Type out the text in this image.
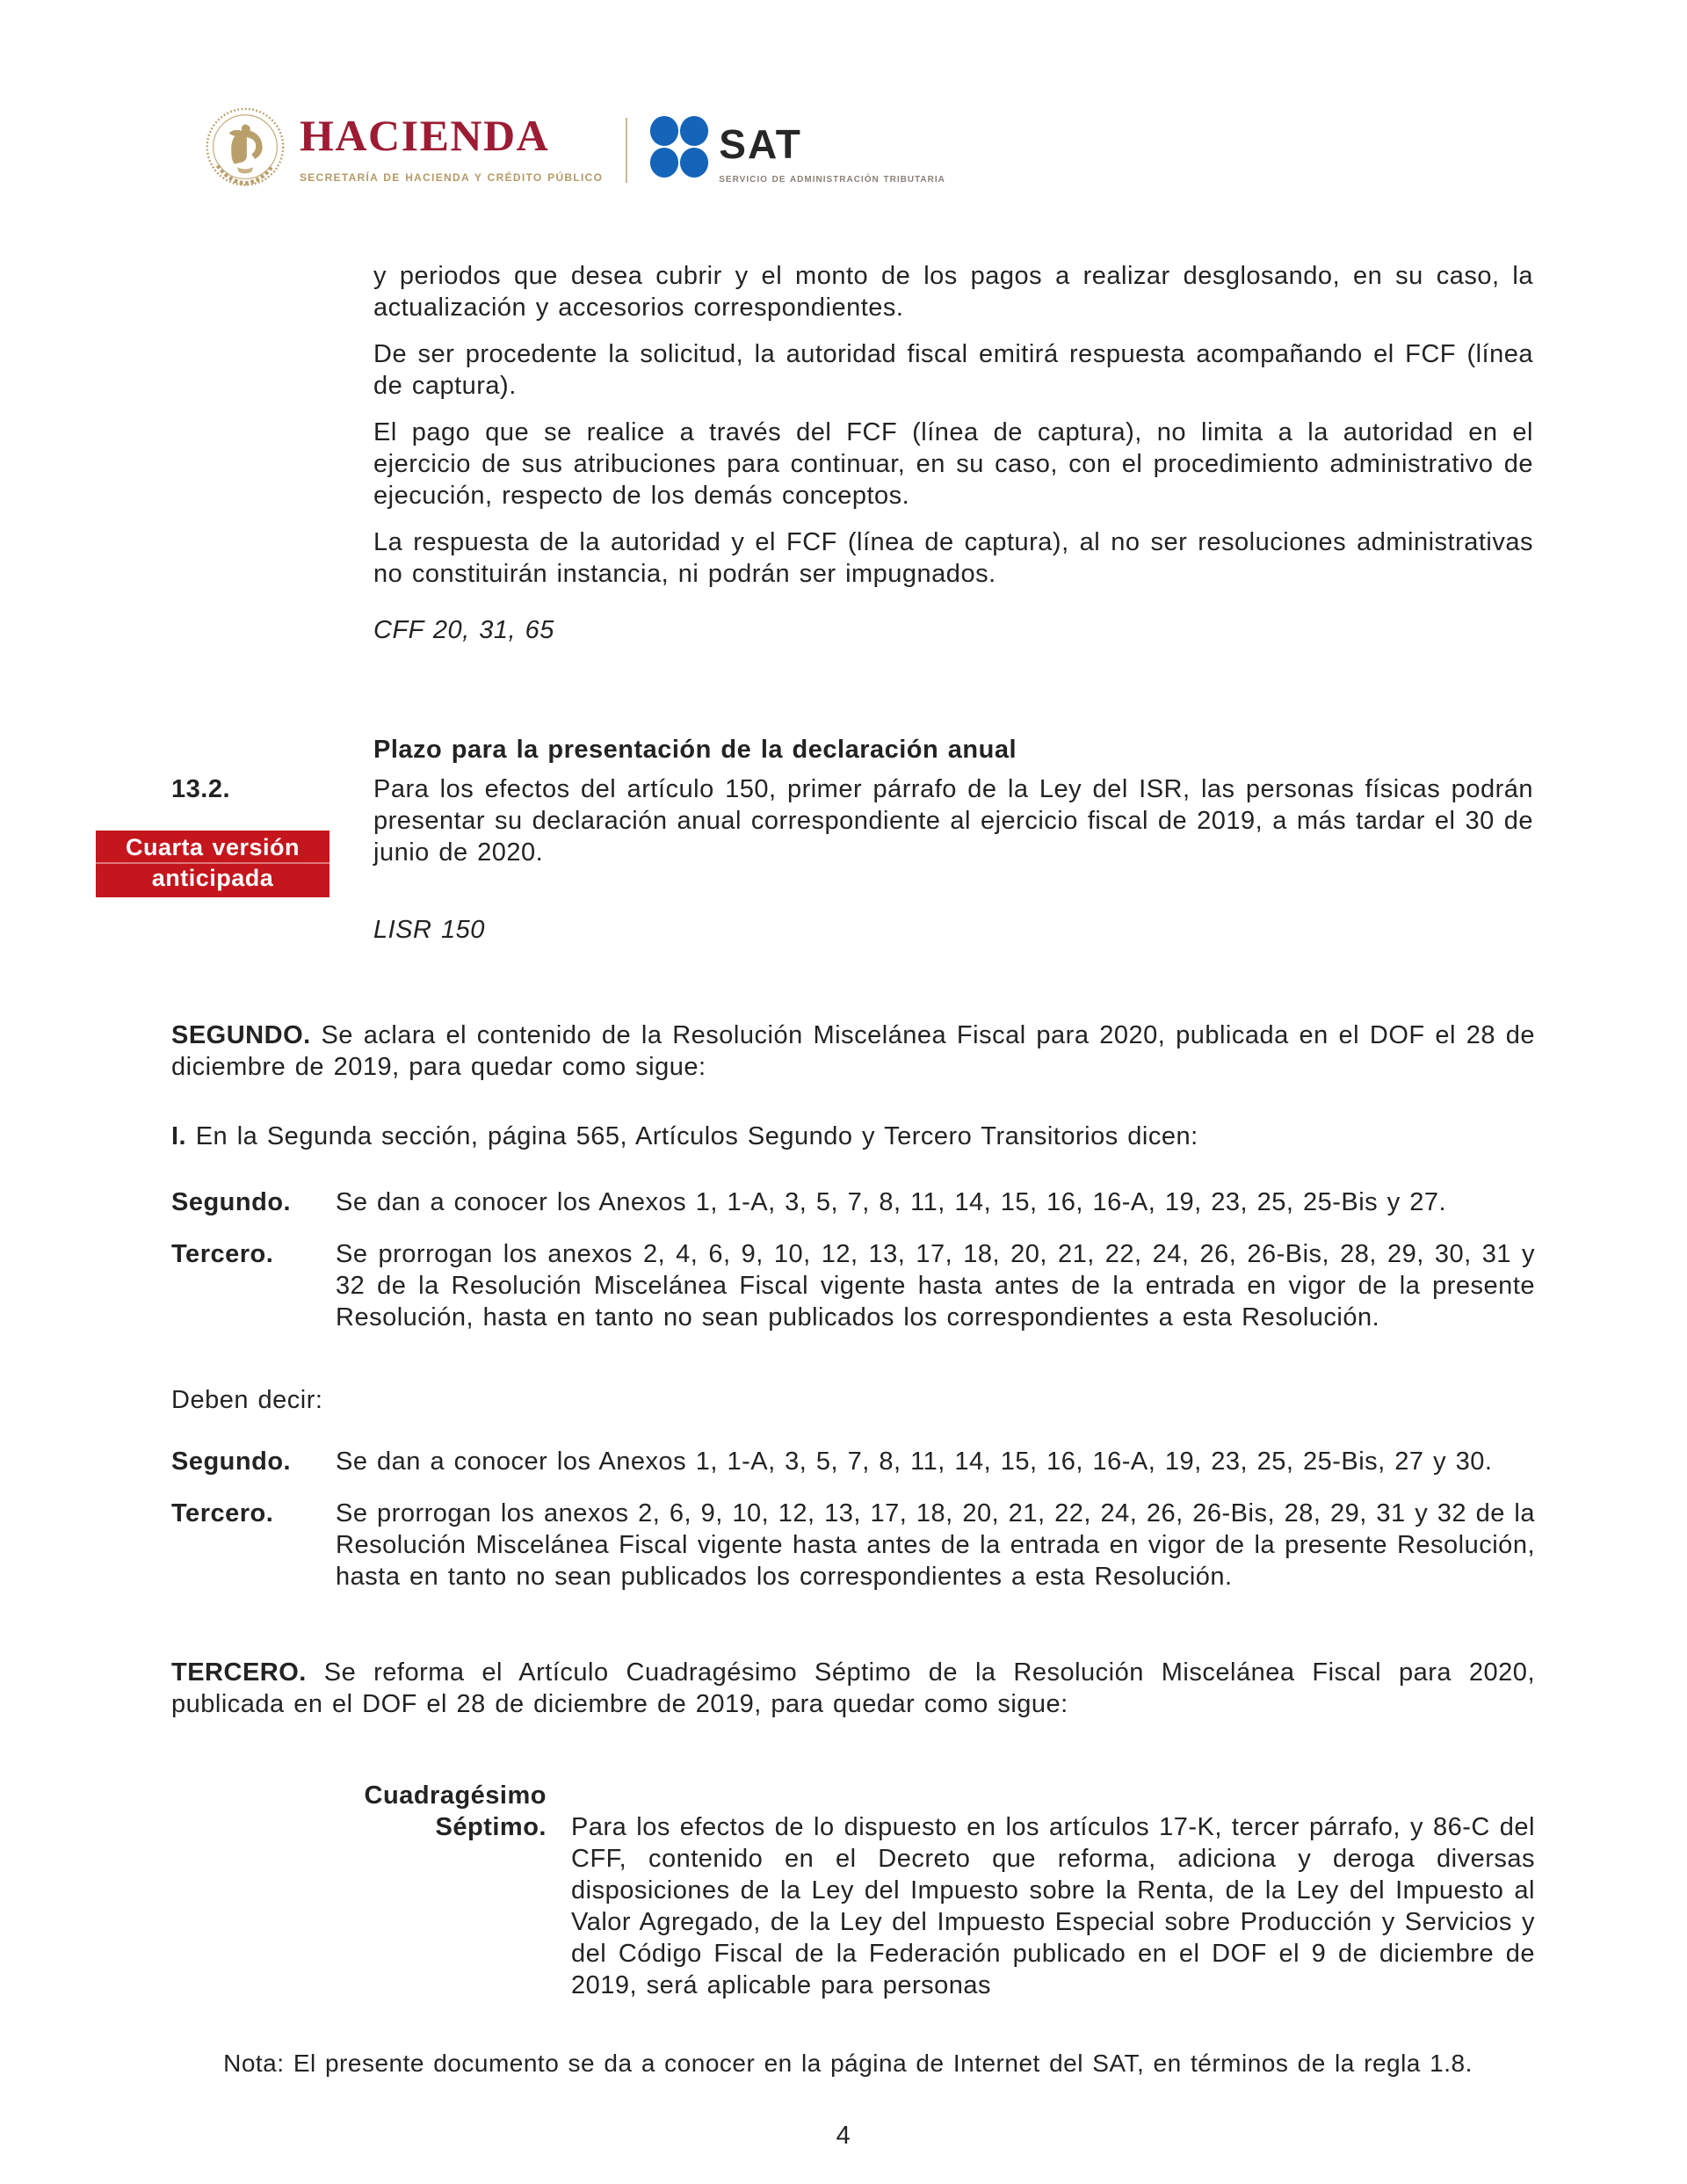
HACIENDA
SECRETARÍA DE HACIENDA Y CRÉDITO PÚBLICO
SAT
SERVICIO DE ADMINISTRACIÓN TRIBUTARIA

y periodos que desea cubrir y el monto de los pagos a realizar desglosando, en su caso, la actualización y accesorios correspondientes.

De ser procedente la solicitud, la autoridad fiscal emitirá respuesta acompañando el FCF (línea de captura).

El pago que se realice a través del FCF (línea de captura), no limita a la autoridad en el ejercicio de sus atribuciones para continuar, en su caso, con el procedimiento administrativo de ejecución, respecto de los demás conceptos.

La respuesta de la autoridad y el FCF (línea de captura), al no ser resoluciones administrativas no constituirán instancia, ni podrán ser impugnados.

CFF 20, 31, 65

Plazo para la presentación de la declaración anual
13.2.
Cuarta versión
anticipada

Para los efectos del artículo 150, primer párrafo de la Ley del ISR, las personas físicas podrán presentar su declaración anual correspondiente al ejercicio fiscal de 2019, a más tardar el 30 de junio de 2020.

LISR 150

SEGUNDO. Se aclara el contenido de la Resolución Miscelánea Fiscal para 2020, publicada en el DOF el 28 de diciembre de 2019, para quedar como sigue:

I. En la Segunda sección, página 565, Artículos Segundo y Tercero Transitorios dicen:

Segundo.	Se dan a conocer los Anexos 1, 1-A, 3, 5, 7, 8, 11, 14, 15, 16, 16-A, 19, 23, 25, 25-Bis y 27.
Tercero.	Se prorrogan los anexos 2, 4, 6, 9, 10, 12, 13, 17, 18, 20, 21, 22, 24, 26, 26-Bis, 28, 29, 30, 31 y 32 de la Resolución Miscelánea Fiscal vigente hasta antes de la entrada en vigor de la presente Resolución, hasta en tanto no sean publicados los correspondientes a esta Resolución.

Deben decir:

Segundo.	Se dan a conocer los Anexos 1, 1-A, 3, 5, 7, 8, 11, 14, 15, 16, 16-A, 19, 23, 25, 25-Bis, 27 y 30.
Tercero.	Se prorrogan los anexos 2, 6, 9, 10, 12, 13, 17, 18, 20, 21, 22, 24, 26, 26-Bis, 28, 29, 31 y 32 de la Resolución Miscelánea Fiscal vigente hasta antes de la entrada en vigor de la presente Resolución, hasta en tanto no sean publicados los correspondientes a esta Resolución.

TERCERO. Se reforma el Artículo Cuadragésimo Séptimo de la Resolución Miscelánea Fiscal para 2020, publicada en el DOF el 28 de diciembre de 2019, para quedar como sigue:

Cuadragésimo
Séptimo. Para los efectos de lo dispuesto en los artículos 17-K, tercer párrafo, y 86-C del CFF, contenido en el Decreto que reforma, adiciona y deroga diversas disposiciones de la Ley del Impuesto sobre la Renta, de la Ley del Impuesto al Valor Agregado, de la Ley del Impuesto Especial sobre Producción y Servicios y del Código Fiscal de la Federación publicado en el DOF el 9 de diciembre de 2019, será aplicable para personas
Nota: El presente documento se da a conocer en la página de Internet del SAT, en términos de la regla 1.8.
4
